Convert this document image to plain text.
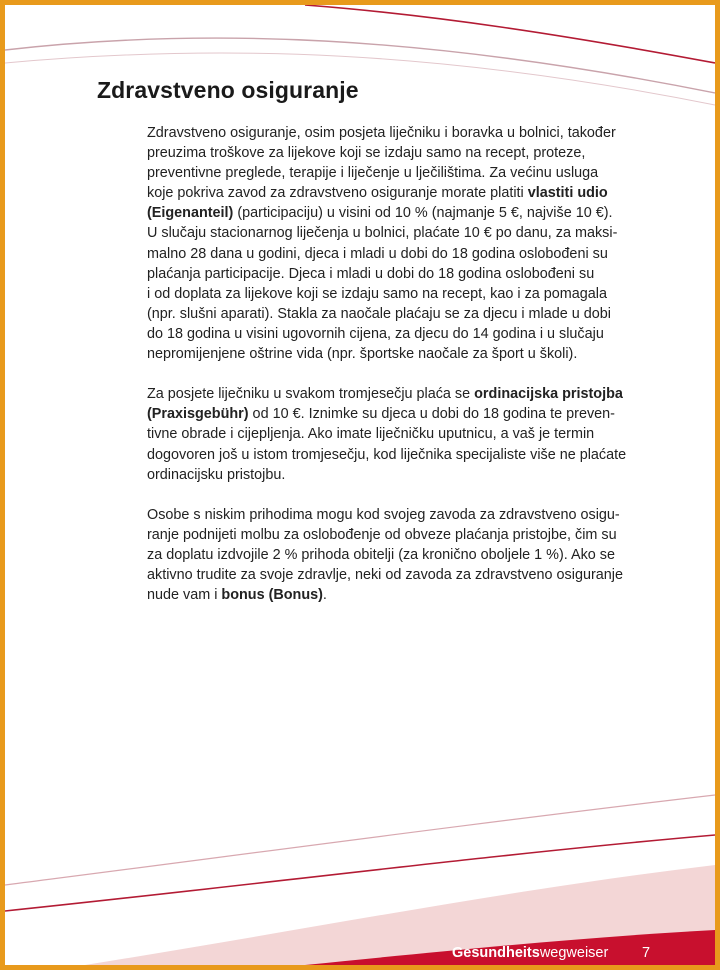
Zdravstveno osiguranje

Zdravstveno osiguranje, osim posjeta liječniku i boravka u bolnici, također
preuzima troškove za lijekove koji se izdaju samo na recept, proteze,
preventivne preglede, terapije i liječenje u lječilištima. Za većinu usluga
koje pokriva zavod za zdravstveno osiguranje morate platiti vlastiti udio
(Eigenanteil) (participaciju) u visini od 10 % (najmanje 5 €, najviše 10 €).
U slučaju stacionarnog liječenja u bolnici, plaćate 10 € po danu, za maksi-
malno 28 dana u godini, djeca i mladi u dobi do 18 godina oslobođeni su
plaćanja participacije. Djeca i mladi u dobi do 18 godina oslobođeni su
i od doplata za lijekove koji se izdaju samo na recept, kao i za pomagala
(npr. slušni aparati). Stakla za naočale plaćaju se za djecu i mlade u dobi
do 18 godina u visini ugovornih cijena, za djecu do 14 godina i u slučaju
nepromijenjene oštrine vida (npr. športske naočale za šport u školi).

Za posjete liječniku u svakom tromjesečju plaća se ordinacijska pristojba
(Praxisgebühr) od 10 €. Iznimke su djeca u dobi do 18 godina te preven-
tivne obrade i cijepljenja. Ako imate liječničku uputnicu, a vaš je termin
dogovoren još u istom tromjesečju, kod liječnika specijaliste više ne plaćate
ordinacijsku pristojbu.

Osobe s niskim prihodima mogu kod svojeg zavoda za zdravstveno osigu-
ranje podnijeti molbu za oslobođenje od obveze plaćanja pristojbe, čim su
za doplatu izdvojile 2 % prihoda obitelji (za kronično oboljele 1 %). Ako se
aktivno trudite za svoje zdravlje, neki od zavoda za zdravstveno osiguranje
nude vam i bonus (Bonus).

Gesundheitswegweiser 7
